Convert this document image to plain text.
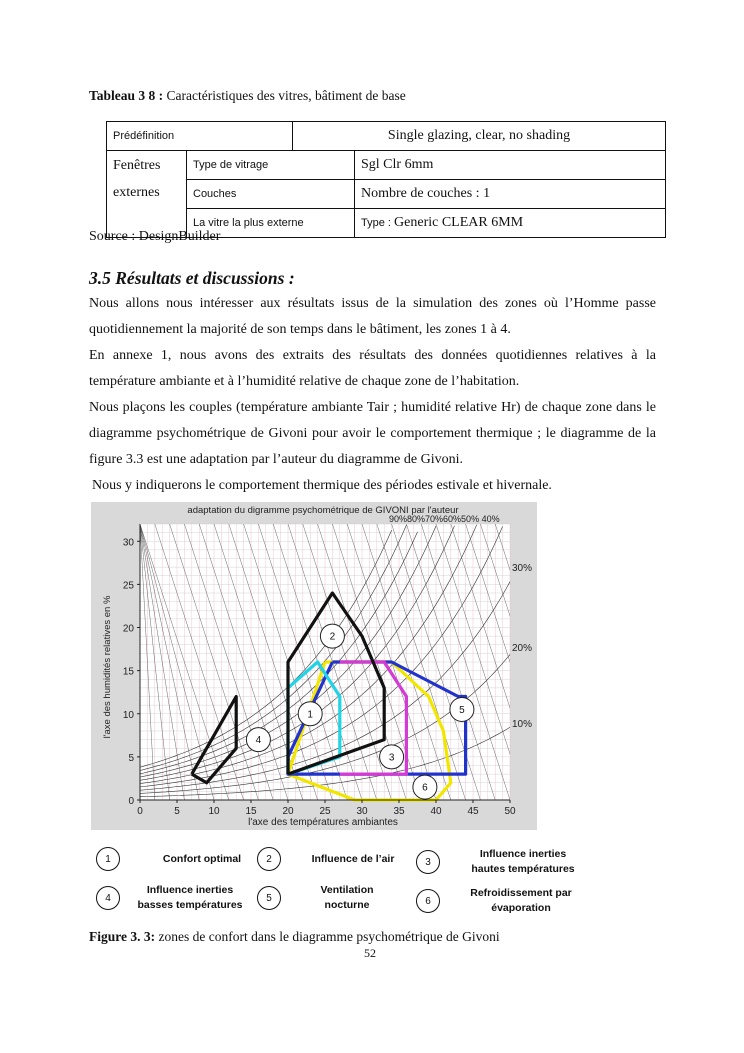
Tableau 3 8 : Caractéristiques des vitres, bâtiment de base
Prédéfinition		Single glazing, clear, no shading	

Fenêtres
externes	Type de vitrage		Sgl Clr 6mm
	Couches		Nombre de couches : 1
	La vitre la plus externe		Type : Generic CLEAR 6MM
Source : DesignBuilder
3.5 Résultats et discussions :
Nous allons nous intéresser aux résultats issus de la simulation des zones où l’Homme passe quotidiennement la majorité de son temps dans le bâtiment, les zones 1 à 4.
En annexe 1, nous avons des extraits des résultats des données quotidiennes relatives à la température ambiante et à l’humidité relative de chaque zone de l’habitation.
Nous plaçons les couples (température ambiante Tair ; humidité relative Hr) de chaque zone dans le diagramme psychométrique de Givoni pour avoir le comportement thermique ; le diagramme de la figure 3.3 est une adaptation par l’auteur du diagramme de Givoni.
Nous y indiquerons le comportement thermique des périodes estivale et hivernale.
0	5	10	15	20	25	30	35	40	45	50
0
5
10
15
20
25
30
1
2
3
4
5
6
adaptation du digramme psychométrique de GIVONI par l'auteur
90%80%70%60%50% 40%
l'axe des températures ambiantes
l'axe des humidités relatives en %
30%
20%
10%
1	Confort optimal	2	Influence de l’air	3
Influence inerties
hautes températures
4
Influence inerties
basses températures
5
Ventilation
nocturne	6
Refroidissement par
évaporation
Figure 3. 3: zones de confort dans le diagramme psychométrique de Givoni
52
